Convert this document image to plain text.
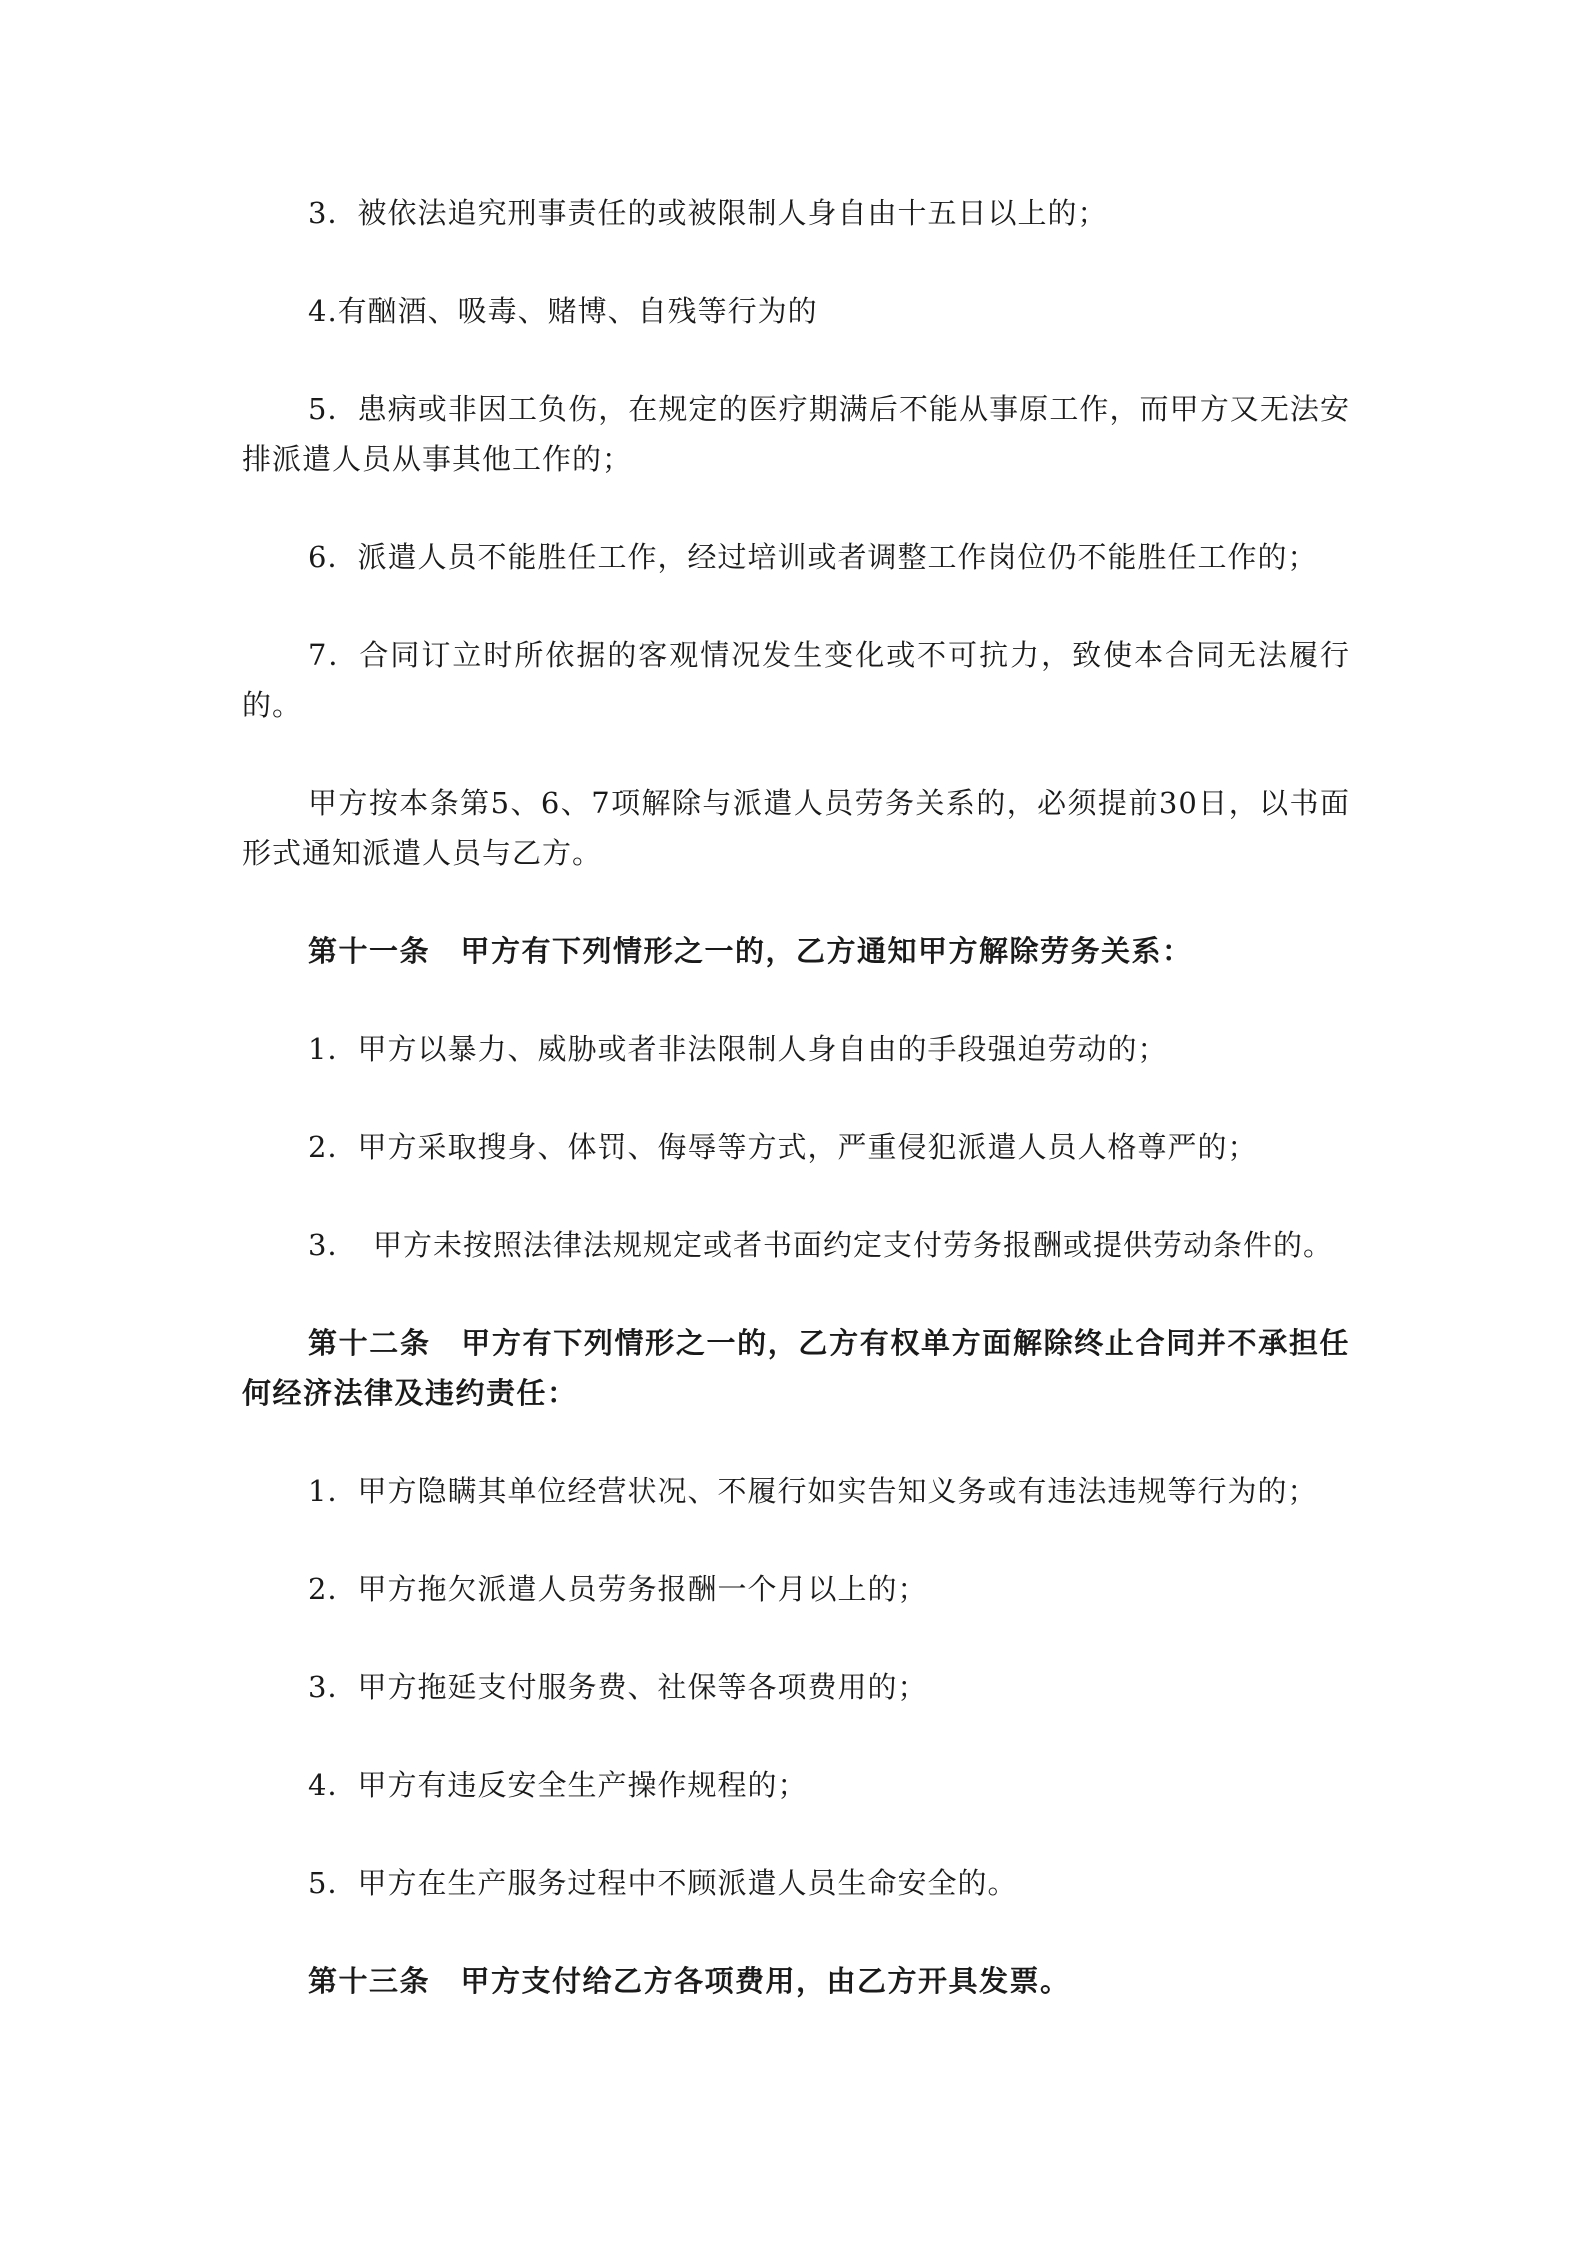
3．被依法追究刑事责任的或被限制人身自由十五日以上的；

4.有酗酒、吸毒、赌博、自残等行为的

5．患病或非因工负伤，在规定的医疗期满后不能从事原工作，而甲方又无法安排派遣人员从事其他工作的；

6．派遣人员不能胜任工作，经过培训或者调整工作岗位仍不能胜任工作的；

7．合同订立时所依据的客观情况发生变化或不可抗力，致使本合同无法履行的。

甲方按本条第5、6、7项解除与派遣人员劳务关系的，必须提前30日，以书面形式通知派遣人员与乙方。

第十一条　甲方有下列情形之一的，乙方通知甲方解除劳务关系：

1．甲方以暴力、威胁或者非法限制人身自由的手段强迫劳动的；

2．甲方采取搜身、体罚、侮辱等方式，严重侵犯派遣人员人格尊严的；

3．　甲方未按照法律法规规定或者书面约定支付劳务报酬或提供劳动条件的。

第十二条　甲方有下列情形之一的，乙方有权单方面解除终止合同并不承担任何经济法律及违约责任：

1．甲方隐瞒其单位经营状况、不履行如实告知义务或有违法违规等行为的；

2．甲方拖欠派遣人员劳务报酬一个月以上的；

3．甲方拖延支付服务费、社保等各项费用的；

4．甲方有违反安全生产操作规程的；

5．甲方在生产服务过程中不顾派遣人员生命安全的。

第十三条　甲方支付给乙方各项费用，由乙方开具发票。
